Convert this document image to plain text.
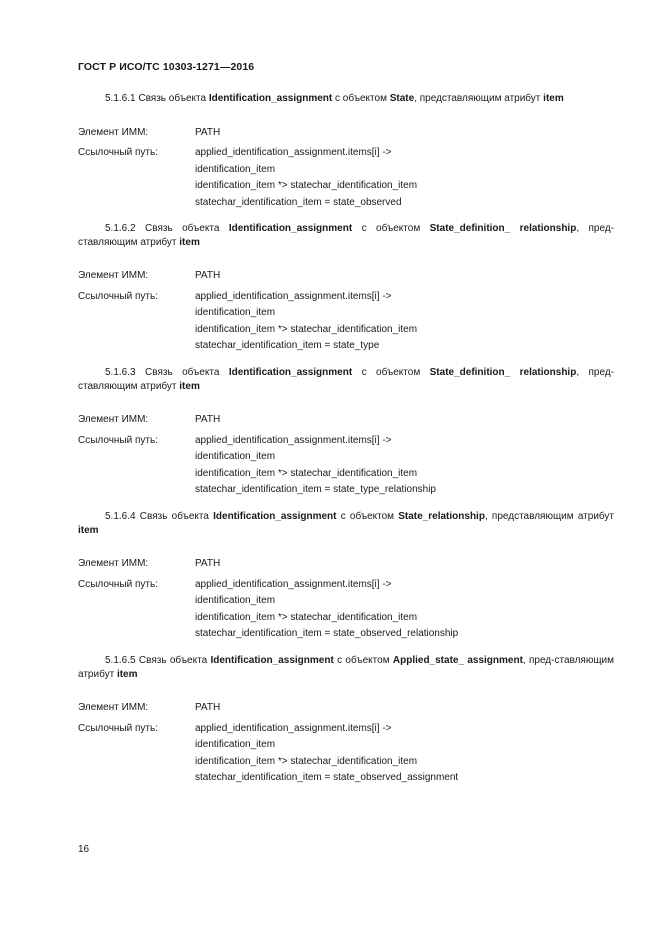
ГОСТ Р ИСО/ТС 10303-1271—2016

5.1.6.1 Связь объекта Identification_assignment с объектом State, представляющим атрибут item

Элемент ИММ:	PATH
Ссылочный путь:	applied_identification_assignment.items[i] ->
identification_item
identification_item *> statechar_identification_item
statechar_identification_item = state_observed

5.1.6.2 Связь объекта Identification_assignment с объектом State_definition_ relationship, пред-ставляющим атрибут item

Элемент ИММ:	PATH
Ссылочный путь:	applied_identification_assignment.items[i] ->
identification_item
identification_item *> statechar_identification_item
statechar_identification_item = state_type

5.1.6.3 Связь объекта Identification_assignment с объектом State_definition_ relationship, пред-ставляющим атрибут item

Элемент ИММ:	PATH
Ссылочный путь:	applied_identification_assignment.items[i] ->
identification_item
identification_item *> statechar_identification_item
statechar_identification_item = state_type_relationship

5.1.6.4 Связь объекта Identification_assignment с объектом State_relationship, представляющим атрибут item

Элемент ИММ:	PATH
Ссылочный путь:	applied_identification_assignment.items[i] ->
identification_item
identification_item *> statechar_identification_item
statechar_identification_item = state_observed_relationship

5.1.6.5 Связь объекта Identification_assignment с объектом Applied_state_ assignment, пред-ставляющим атрибут item

Элемент ИММ:	PATH
Ссылочный путь:	applied_identification_assignment.items[i] ->
identification_item
identification_item *> statechar_identification_item
statechar_identification_item = state_observed_assignment
16
